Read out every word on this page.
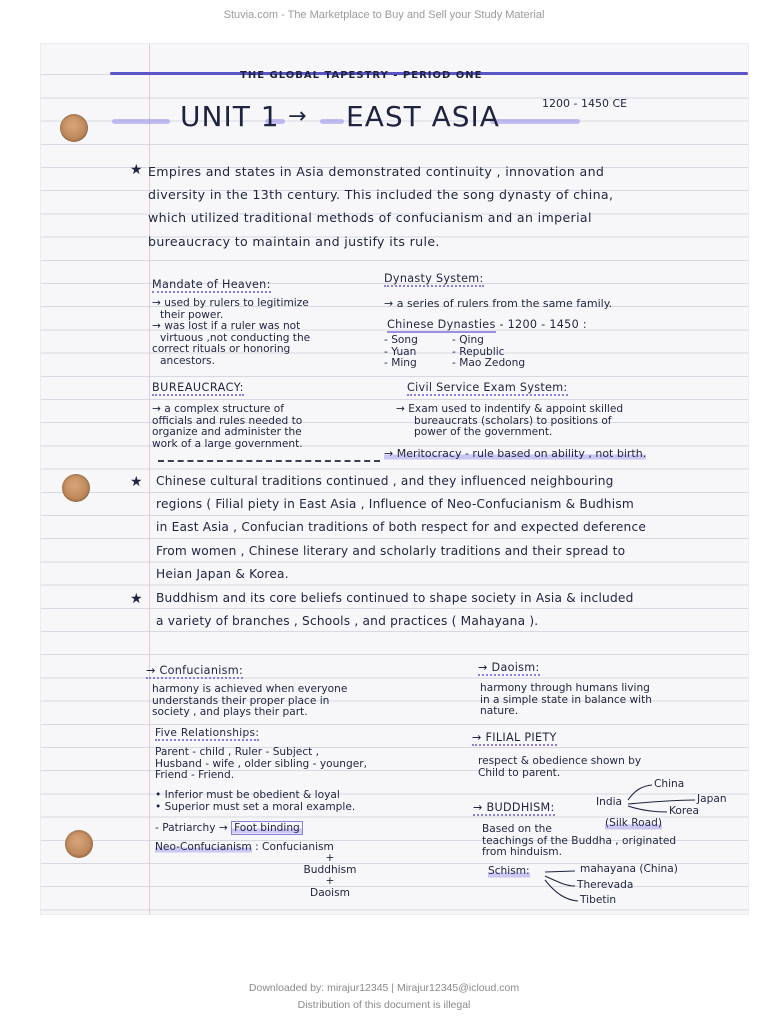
Stuvia.com - The Marketplace to Buy and Sell your Study Material
THE GLOBAL TAPESTRY - PERIOD ONE
UNIT 1 → EAST ASIA	1200 - 1450 CE
★ Empires and states in Asia demonstrated continuity , innovation and
diversity in the 13th century. This included the song dynasty of china,
which utilized traditional methods of confucianism and an imperial
bureaucracy to maintain and justify its rule.
Mandate of Heaven:
→ used by rulers to legitimize
their power.
→ was lost if a ruler was not
virtuous ,not conducting the
correct rituals or honoring
ancestors.
Dynasty System:
→ a series of rulers from the same family.
Chinese Dynasties - 1200 - 1450 :
- Song
- Yuan
- Ming
- Qing
- Republic
- Mao Zedong
BUREAUCRACY:
→ a complex structure of
officials and rules needed to
organize and administer the
work of a large government.
Civil Service Exam System:
→ Exam used to indentify & appoint skilled
bureaucrats (scholars) to positions of
power of the government.
→ Meritocracy - rule based on ability , not birth.
★ Chinese cultural traditions continued , and they influenced neighbouring
regions ( Filial piety in East Asia , Influence of Neo-Confucianism & Budhism
in East Asia , Confucian traditions of both respect for and expected deference
From women , Chinese literary and scholarly traditions and their spread to
Heian Japan & Korea.
★ Buddhism and its core beliefs continued to shape society in Asia & included
a variety of branches , Schools , and practices ( Mahayana ).
→ Confucianism:
harmony is achieved when everyone
understands their proper place in
society , and plays their part.
Five Relationships:
Parent - child , Ruler - Subject ,
Husband - wife , older sibling - younger,
Friend - Friend.
• Inferior must be obedient & loyal
• Superior must set a moral example.
- Patriarchy → Foot binding
Neo-Confucianism : Confucianism
+
Buddhism
+
Daoism
→ Daoism:
harmony through humans living
in a simple state in balance with
nature.
→ FILIAL PIETY
respect & obedience shown by
Child to parent.
→ BUDDHISM:	India
China
Korea
Japan
(Silk Road)
Based on the
teachings of the Buddha , originated
from hinduism.
Schism:	mahayana (China)
Therevada
Tibetin
Downloaded by: mirajur12345 | Mirajur12345@icloud.com
Distribution of this document is illegal
